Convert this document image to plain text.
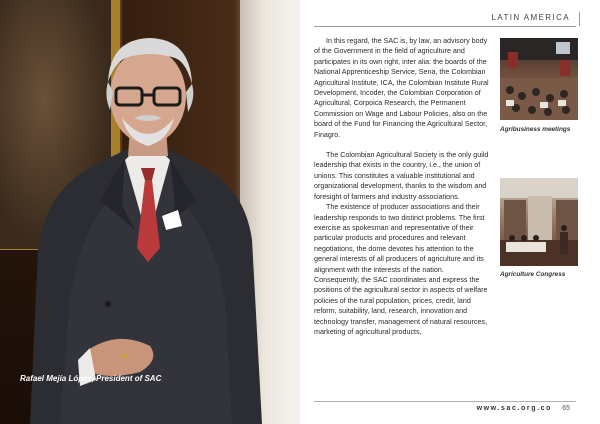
Rafael Mejía López, President of SAC
LATIN AMERICA

In this regard, the SAC is, by law, an advisory body of the Government in the field of agriculture and participates in its own right, inter alia: the boards of the National Apprenticeship Service, Sena, the Colombian Agricultural Institute, ICA, the Colombian Institute Rural Development, Incoder, the Colombian Corporation of Agricultural, Corpoica Research, the Permanent Commission on Wage and Labour Policies, also on the board of the Fund for Financing the Agricultural Sector, Finagro.

The Colombian Agricultural Society is the only guild leadership that exists in the country, i.e., the union of unions. This constitutes a valuable institutional and organizational development, thanks to the wisdom and foresight of farmers and industry associations.

The existence of producer associations and their leadership responds to two distinct problems. The first exercise as spokesman and representative of their particular products and procedures and relevant negotiations, the dome devotes his attention to the general interests of all producers of agriculture and its alignment with the interests of the nation. Consequently, the SAC coordinates and express the positions of the agricultural sector in aspects of welfare policies of the rural population, prices, credit, land reform, suitability, land, research, innovation and technology transfer, management of natural resources, marketing of agricultural products,

Agribusiness meetings
Agriculture Congress
www.sac.org.co 65
